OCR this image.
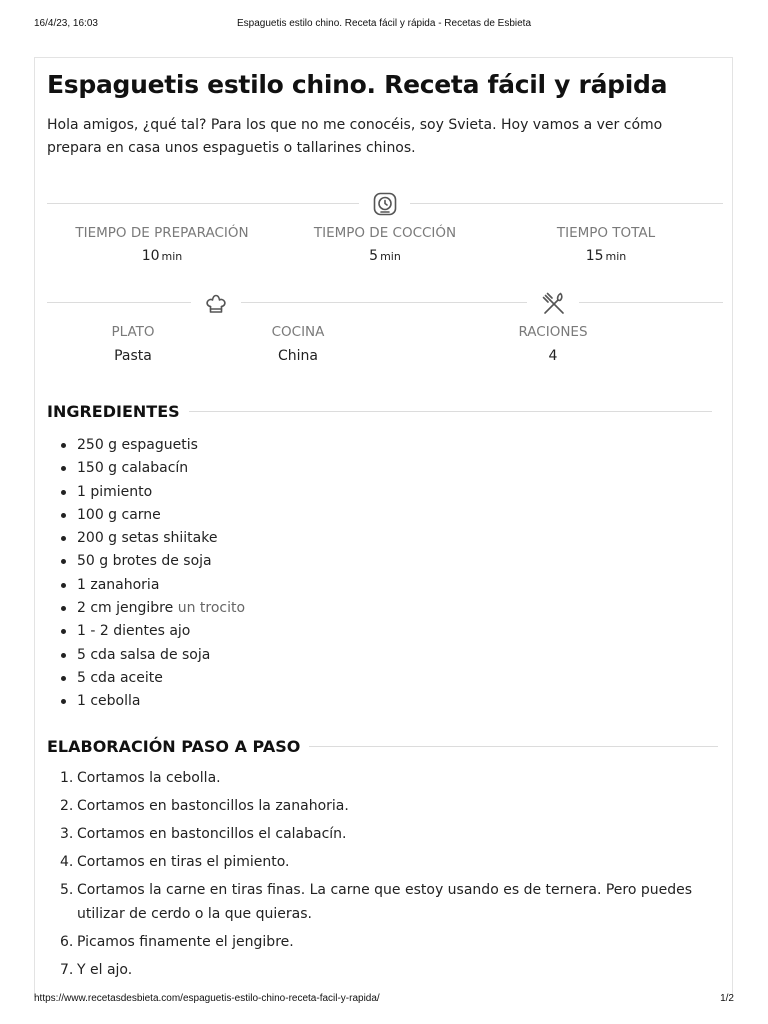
16/4/23, 16:03	Espaguetis estilo chino. Receta fácil y rápida - Recetas de Esbieta
Espaguetis estilo chino. Receta fácil y rápida

Hola amigos, ¿qué tal? Para los que no me conocéis, soy Svieta. Hoy vamos a ver cómo prepara en casa unos espaguetis o tallarines chinos.

TIEMPO DE PREPARACIÓN
10 min
TIEMPO DE COCCIÓN
5 min
TIEMPO TOTAL
15 min
PLATO
Pasta
COCINA
China
RACIONES
4
INGREDIENTES
250 g espaguetis
150 g calabacín
1 pimiento
100 g carne
200 g setas shiitake
50 g brotes de soja
1 zanahoria
2 cm jengibre un trocito
1 - 2 dientes ajo
5 cda salsa de soja
5 cda aceite
1 cebolla
ELABORACIÓN PASO A PASO
1. Cortamos la cebolla.
2. Cortamos en bastoncillos la zanahoria.
3. Cortamos en bastoncillos el calabacín.
4. Cortamos en tiras el pimiento.
5. Cortamos la carne en tiras finas. La carne que estoy usando es de ternera. Pero puedes utilizar de cerdo o la que quieras.
6. Picamos finamente el jengibre.
7. Y el ajo.
https://www.recetasdesbieta.com/espaguetis-estilo-chino-receta-facil-y-rapida/	1/2
